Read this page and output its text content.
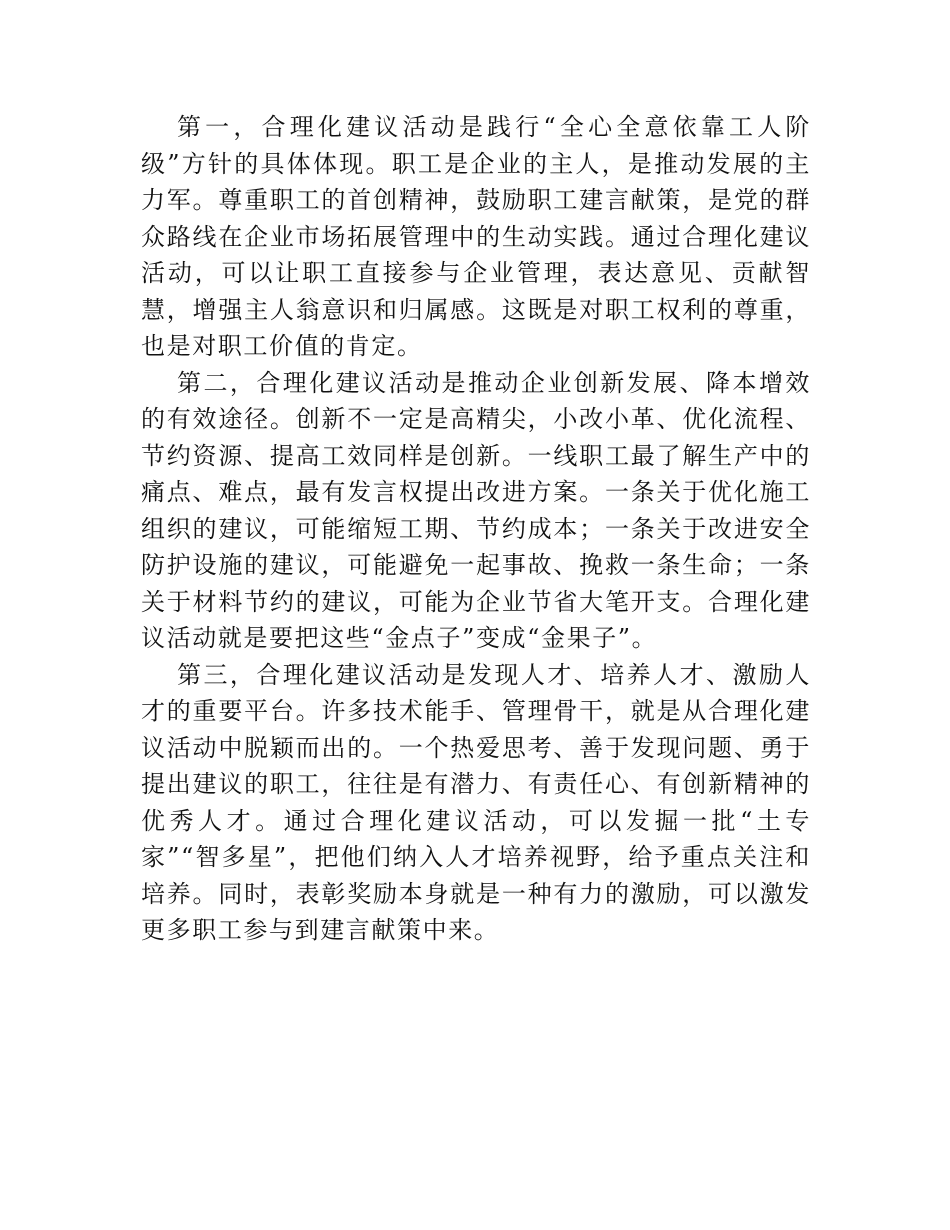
第一，合理化建议活动是践行“全心全意依靠工人阶级”方针的具体体现。职工是企业的主人，是推动发展的主力军。尊重职工的首创精神，鼓励职工建言献策，是党的群众路线在企业市场拓展管理中的生动实践。通过合理化建议活动，可以让职工直接参与企业管理，表达意见、贡献智慧，增强主人翁意识和归属感。这既是对职工权利的尊重，也是对职工价值的肯定。

第二，合理化建议活动是推动企业创新发展、降本增效的有效途径。创新不一定是高精尖，小改小革、优化流程、节约资源、提高工效同样是创新。一线职工最了解生产中的痛点、难点，最有发言权提出改进方案。一条关于优化施工组织的建议，可能缩短工期、节约成本；一条关于改进安全防护设施的建议，可能避免一起事故、挽救一条生命；一条关于材料节约的建议，可能为企业节省大笔开支。合理化建议活动就是要把这些“金点子”变成“金果子”。

第三，合理化建议活动是发现人才、培养人才、激励人才的重要平台。许多技术能手、管理骨干，就是从合理化建议活动中脱颖而出的。一个热爱思考、善于发现问题、勇于提出建议的职工，往往是有潜力、有责任心、有创新精神的优秀人才。通过合理化建议活动，可以发掘一批“土专家”“智多星”，把他们纳入人才培养视野，给予重点关注和培养。同时，表彰奖励本身就是一种有力的激励，可以激发更多职工参与到建言献策中来。
